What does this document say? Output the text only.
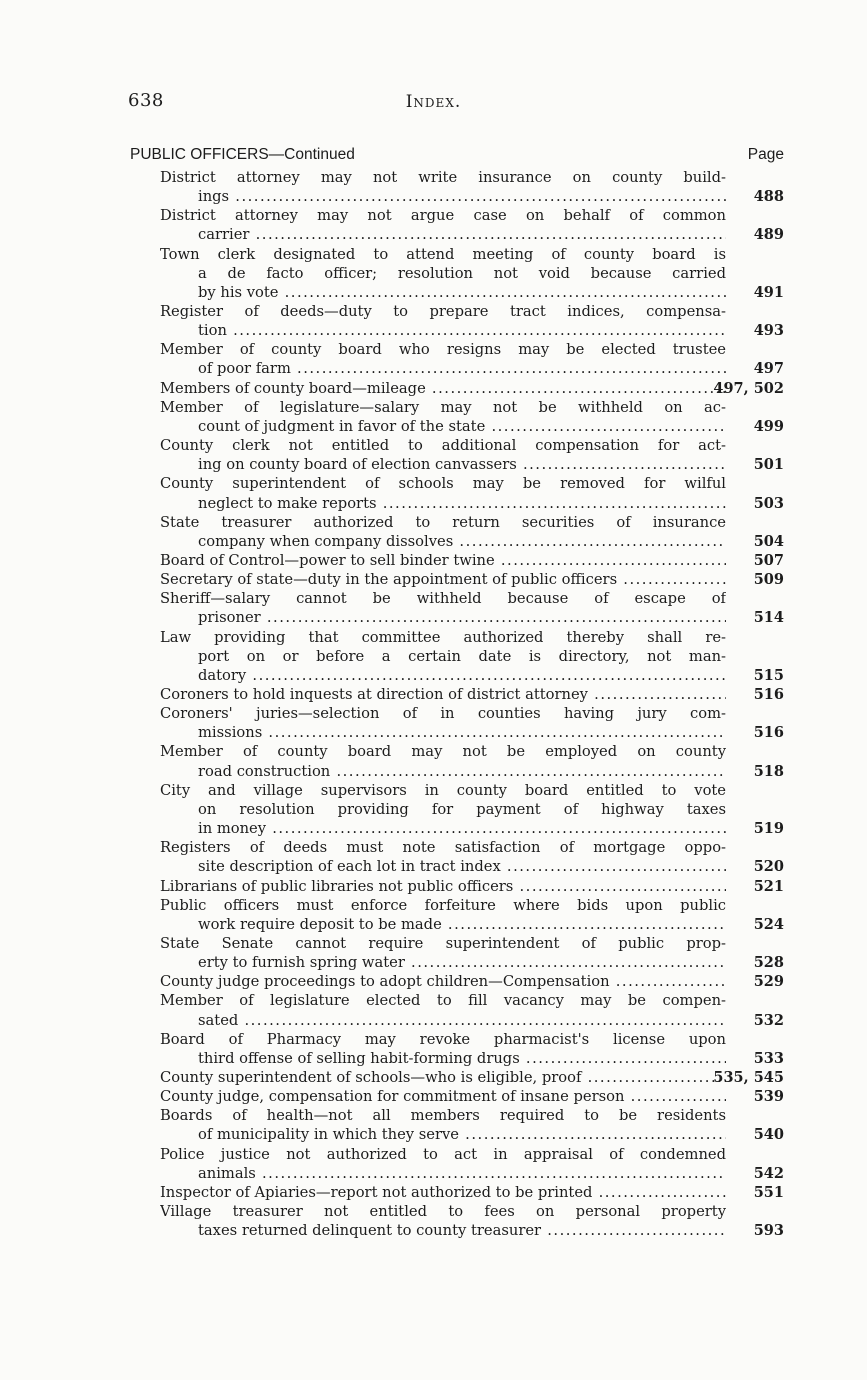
638	Index.
PUBLIC OFFICERS—Continued	Page
District attorney may not write insurance on county build-
ings .....	488
District attorney may not argue case on behalf of common
carrier .....	489
Town clerk designated to attend meeting of county board is
a de facto officer; resolution not void because carried
by his vote .....	491
Register of deeds—duty to prepare tract indices, compensa-
tion .....	493
Member of county board who resigns may be elected trustee
of poor farm .....	497
Members of county board—mileage .....	497, 502
Member of legislature—salary may not be withheld on ac-
count of judgment in favor of the state .....	499
County clerk not entitled to additional compensation for act-
ing on county board of election canvassers .....	501
County superintendent of schools may be removed for wilful
neglect to make reports .....	503
State treasurer authorized to return securities of insurance
company when company dissolves .....	504
Board of Control—power to sell binder twine .....	507
Secretary of state—duty in the appointment of public officers .....	509
Sheriff—salary cannot be withheld because of escape of
prisoner .....	514
Law providing that committee authorized thereby shall re-
port on or before a certain date is directory, not man-
datory .....	515
Coroners to hold inquests at direction of district attorney .....	516
Coroners' juries—selection of in counties having jury com-
missions .....	516
Member of county board may not be employed on county
road construction .....	518
City and village supervisors in county board entitled to vote
on resolution providing for payment of highway taxes
in money .....	519
Registers of deeds must note satisfaction of mortgage oppo-
site description of each lot in tract index .....	520
Librarians of public libraries not public officers .....	521
Public officers must enforce forfeiture where bids upon public
work require deposit to be made .....	524
State Senate cannot require superintendent of public prop-
erty to furnish spring water .....	528
County judge proceedings to adopt children—Compensation .....	529
Member of legislature elected to fill vacancy may be compen-
sated .....	532
Board of Pharmacy may revoke pharmacist's license upon
third offense of selling habit-forming drugs .....	533
County superintendent of schools—who is eligible, proof .....	535, 545
County judge, compensation for commitment of insane person .....	539
Boards of health—not all members required to be residents
of municipality in which they serve .....	540
Police justice not authorized to act in appraisal of condemned
animals .....	542
Inspector of Apiaries—report not authorized to be printed .....	551
Village treasurer not entitled to fees on personal property
taxes returned delinquent to county treasurer .....	593
